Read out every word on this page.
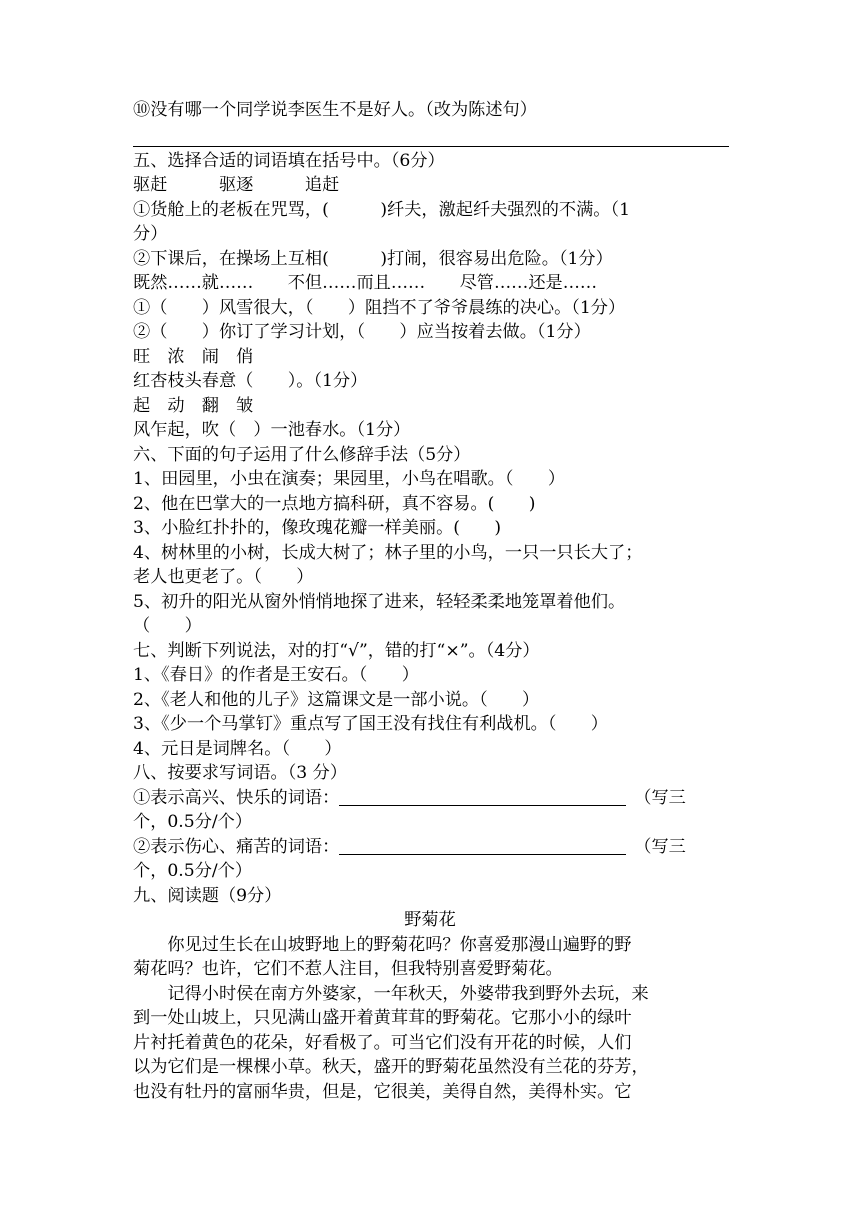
⑩没有哪一个同学说李医生不是好人。（改为陈述句）
五、选择合适的词语填在括号中。（6分）
驱赶　　　驱逐　　　追赶
①货舱上的老板在咒骂，(　　　)纤夫，激起纤夫强烈的不满。（1
分）
②下课后，在操场上互相(　　　)打闹，很容易出危险。（1分）
既然……就……　　不但……而且……　　尽管……还是……
①（　　）风雪很大，（　　）阻挡不了爷爷晨练的决心。（1分）
②（　　）你订了学习计划，（　　）应当按着去做。（1分）
旺　浓　闹　俏
红杏枝头春意（　　）。（1分）
起　动　翻　皱
风乍起，吹（　）一池春水。（1分）
六、下面的句子运用了什么修辞手法（5分）
1、田园里，小虫在演奏；果园里，小鸟在唱歌。（　　）
2、他在巴掌大的一点地方搞科研，真不容易。(　　)
3、小脸红扑扑的，像玫瑰花瓣一样美丽。(　　)
4、树林里的小树，长成大树了；林子里的小鸟，一只一只长大了；
老人也更老了。（　　）
5、初升的阳光从窗外悄悄地探了进来，轻轻柔柔地笼罩着他们。
（　　）
七、判断下列说法，对的打“√”，错的打“×”。（4分）
1、《春日》的作者是王安石。（　　）
2、《老人和他的儿子》这篇课文是一部小说。（　　）
3、《少一个马掌钉》重点写了国王没有找住有利战机。（　　）
4、元日是词牌名。（　　）
八、按要求写词语。（3 分）
①表示高兴、快乐的词语：	（写三
个，0.5分/个）
②表示伤心、痛苦的词语：	（写三
个，0.5分/个）
九、阅读题（9分）
野菊花
　　你见过生长在山坡野地上的野菊花吗？你喜爱那漫山遍野的野
菊花吗？也许，它们不惹人注目，但我特别喜爱野菊花。
　　记得小时侯在南方外婆家，一年秋天，外婆带我到野外去玩，来
到一处山坡上，只见满山盛开着黄茸茸的野菊花。它那小小的绿叶
片衬托着黄色的花朵，好看极了。可当它们没有开花的时候，人们
以为它们是一棵棵小草。秋天，盛开的野菊花虽然没有兰花的芬芳，
也没有牡丹的富丽华贵，但是，它很美，美得自然，美得朴实。它
